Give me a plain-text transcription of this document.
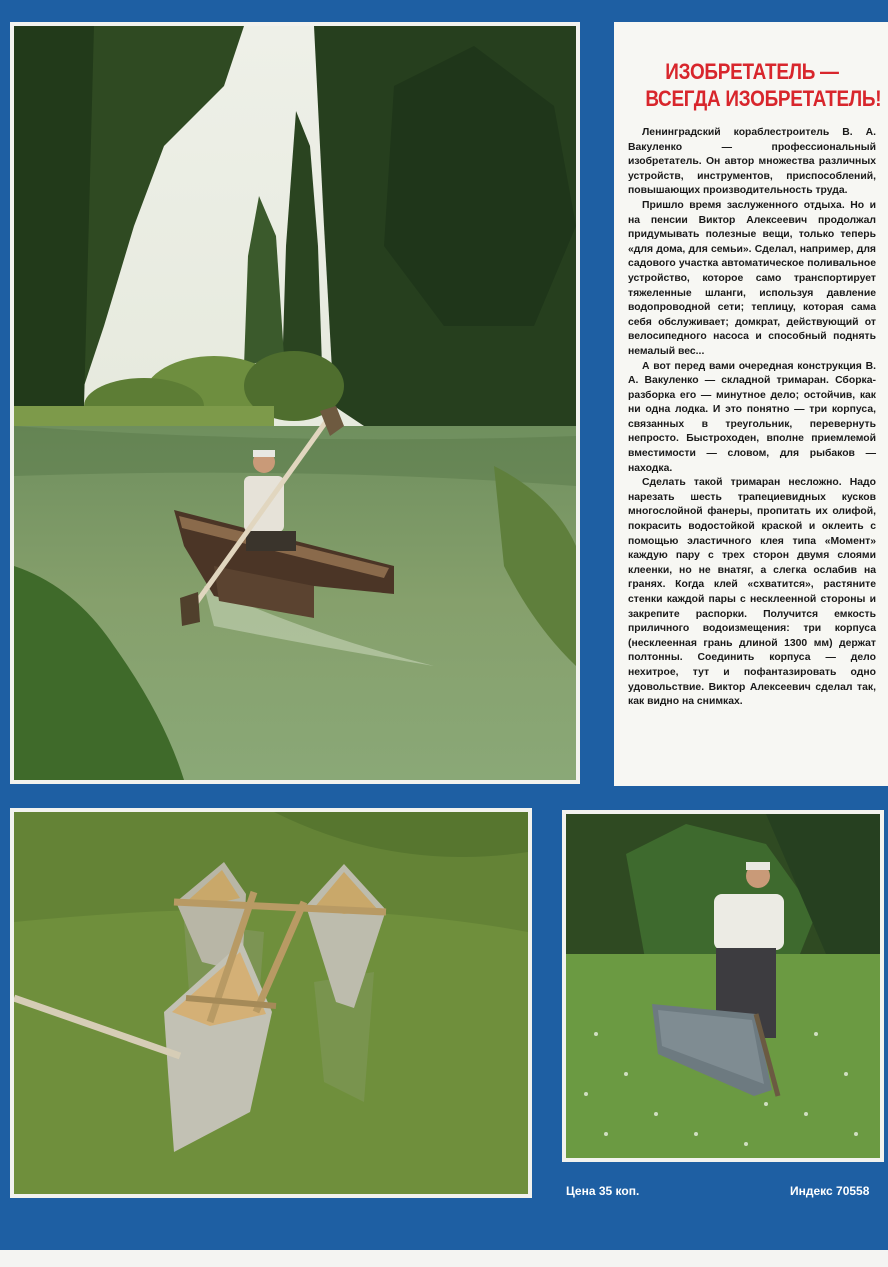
ИЗОБРЕТАТЕЛЬ —
ВСЕГДА ИЗОБРЕТАТЕЛЬ!

Ленинградский кораблестроитель В. А. Вакуленко — профессиональный изобретатель. Он автор множества различных устройств, инструментов, приспособлений, повышающих производительность труда.

Пришло время заслуженного отдыха. Но и на пенсии Виктор Алексеевич продолжал придумывать полезные вещи, только теперь «для дома, для семьи». Сделал, например, для садового участка автоматическое поливальное устройство, которое само транспортирует тяжеленные шланги, используя давление водопроводной сети; теплицу, которая сама себя обслуживает; домкрат, действующий от велосипедного насоса и способный поднять немалый вес...

А вот перед вами очередная конструкция В. А. Вакуленко — складной тримаран. Сборка-разборка его — минутное дело; остойчив, как ни одна лодка. И это понятно — три корпуса, связанных в треугольник, перевернуть непросто. Быстроходен, вполне приемлемой вместимости — словом, для рыбаков — находка.

Сделать такой тримаран несложно. Надо нарезать шесть трапециевидных кусков многослойной фанеры, пропитать их олифой, покрасить водостойкой краской и оклеить с помощью эластичного клея типа «Момент» каждую пару с трех сторон двумя слоями клеенки, но не внатяг, а слегка ослабив на гранях. Когда клей «схватится», растяните стенки каждой пары с несклеенной стороны и закрепите распорки. Получится емкость приличного водоизмещения: три корпуса (несклеенная грань длиной 1300 мм) держат полтонны. Соединить корпуса — дело нехитрое, тут и пофантазировать одно удовольствие. Виктор Алексеевич сделал так, как видно на снимках.

Цена 35 коп.	Индекс 70558
